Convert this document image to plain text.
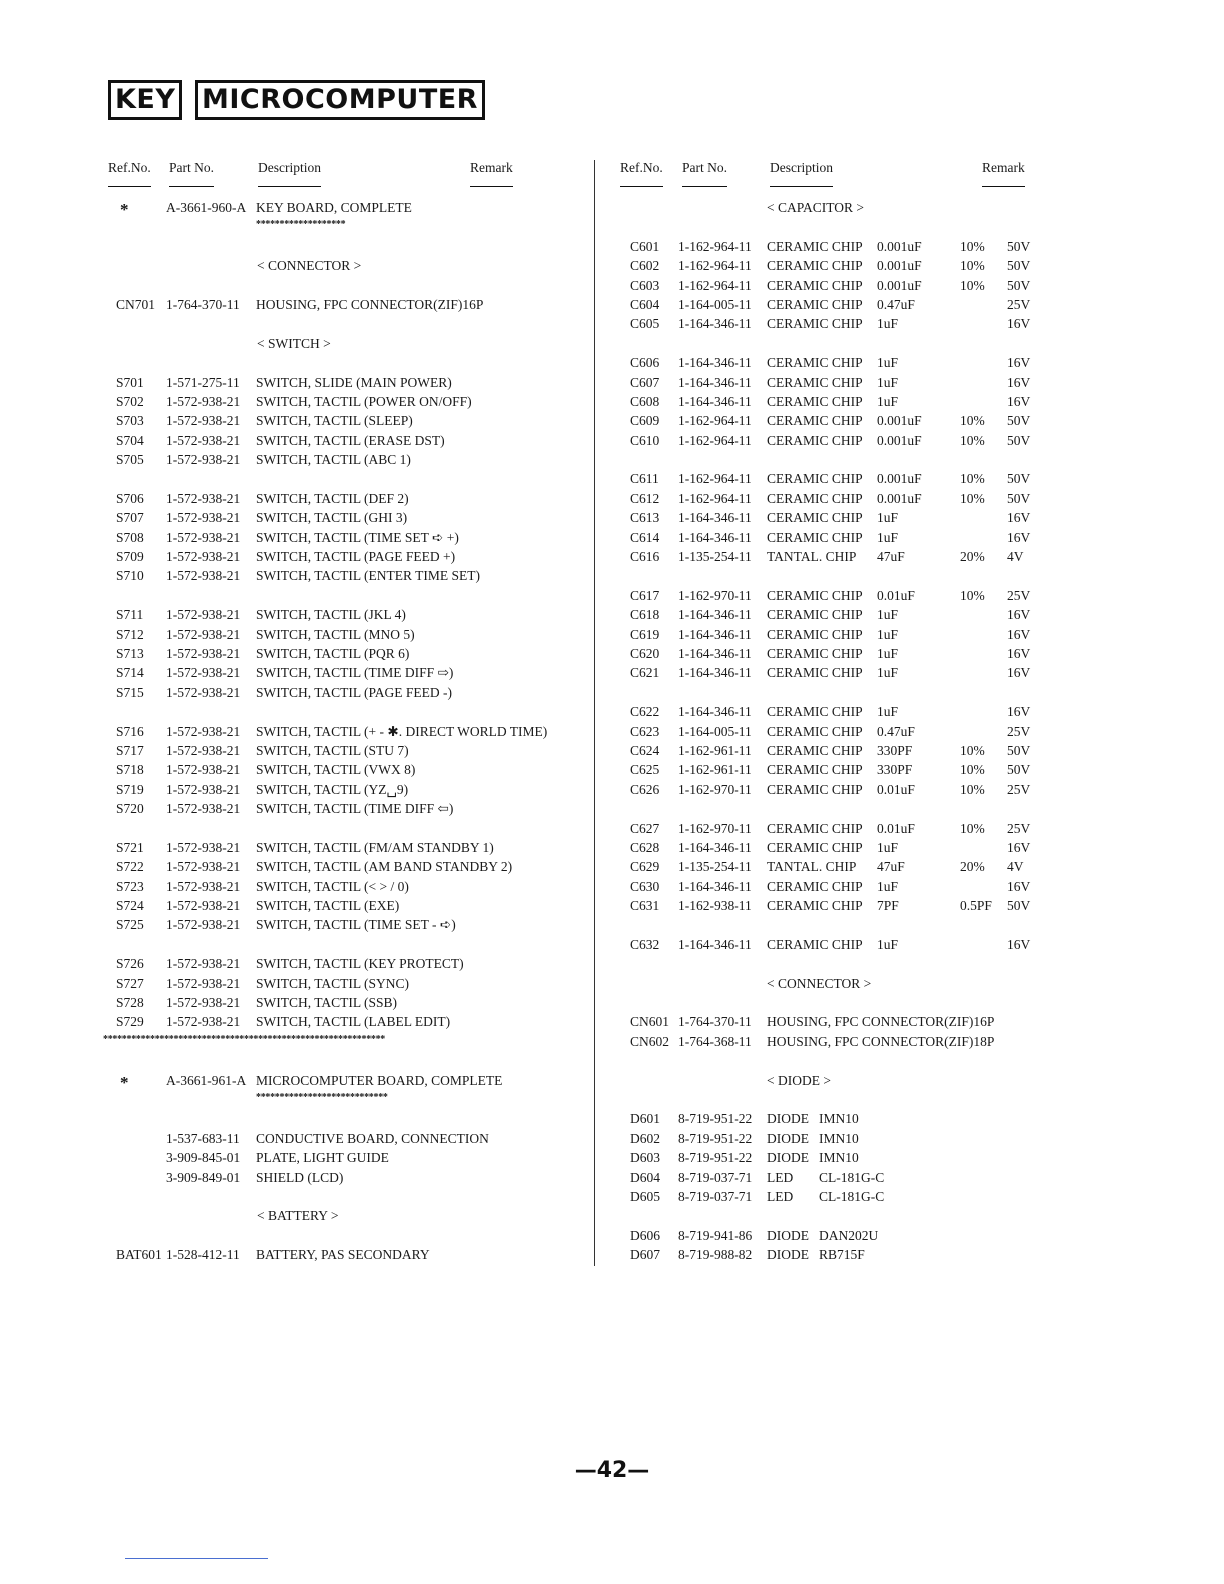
KEY MICROCOMPUTER
Ref.No. Part No.	Description	Remark
*	A-3661-960-A KEY BOARD, COMPLETE
*******************
< CONNECTOR >
CN701 1-764-370-11 HOUSING, FPC CONNECTOR(ZIF)16P
< SWITCH >
S701 1-571-275-11 SWITCH, SLIDE (MAIN POWER)
S702 1-572-938-21 SWITCH, TACTIL (POWER ON/OFF)
S703 1-572-938-21 SWITCH, TACTIL (SLEEP)
S704 1-572-938-21 SWITCH, TACTIL (ERASE DST)
S705 1-572-938-21 SWITCH, TACTIL (ABC 1)
S706 1-572-938-21 SWITCH, TACTIL (DEF 2)
S707 1-572-938-21 SWITCH, TACTIL (GHI 3)
S708 1-572-938-21 SWITCH, TACTIL (TIME SET ➪ +)
S709 1-572-938-21 SWITCH, TACTIL (PAGE FEED +)
S710 1-572-938-21 SWITCH, TACTIL (ENTER TIME SET)
S711 1-572-938-21 SWITCH, TACTIL (JKL 4)
S712 1-572-938-21 SWITCH, TACTIL (MNO 5)
S713 1-572-938-21 SWITCH, TACTIL (PQR 6)
S714 1-572-938-21 SWITCH, TACTIL (TIME DIFF ⇨)
S715 1-572-938-21 SWITCH, TACTIL (PAGE FEED -)
S716 1-572-938-21 SWITCH, TACTIL (+ - ✱. DIRECT WORLD TIME)
S717 1-572-938-21 SWITCH, TACTIL (STU 7)
S718 1-572-938-21 SWITCH, TACTIL (VWX 8)
S719 1-572-938-21 SWITCH, TACTIL (YZ␣9)
S720 1-572-938-21 SWITCH, TACTIL (TIME DIFF ⇦)
S721 1-572-938-21 SWITCH, TACTIL (FM/AM STANDBY 1)
S722 1-572-938-21 SWITCH, TACTIL (AM BAND STANDBY 2)
S723 1-572-938-21 SWITCH, TACTIL (< > / 0)
S724 1-572-938-21 SWITCH, TACTIL (EXE)
S725 1-572-938-21 SWITCH, TACTIL (TIME SET - ➪)
S726 1-572-938-21 SWITCH, TACTIL (KEY PROTECT)
S727 1-572-938-21 SWITCH, TACTIL (SYNC)
S728 1-572-938-21 SWITCH, TACTIL (SSB)
S729 1-572-938-21 SWITCH, TACTIL (LABEL EDIT)
************************************************************
*	A-3661-961-A MICROCOMPUTER BOARD, COMPLETE
****************************
1-537-683-11 CONDUCTIVE BOARD, CONNECTION
3-909-845-01 PLATE, LIGHT GUIDE
3-909-849-01 SHIELD (LCD)
< BATTERY >
BAT601 1-528-412-11 BATTERY, PAS SECONDARY
Ref.No. Part No.	Description	Remark
< CAPACITOR >
C601 1-162-964-11 CERAMIC CHIP 0.001uF	10% 50V
C602 1-162-964-11 CERAMIC CHIP 0.001uF	10% 50V
C603 1-162-964-11 CERAMIC CHIP 0.001uF	10% 50V
C604 1-164-005-11 CERAMIC CHIP 0.47uF	25V
C605 1-164-346-11 CERAMIC CHIP 1uF	16V
C606 1-164-346-11 CERAMIC CHIP 1uF	16V
C607 1-164-346-11 CERAMIC CHIP 1uF	16V
C608 1-164-346-11 CERAMIC CHIP 1uF	16V
C609 1-162-964-11 CERAMIC CHIP 0.001uF	10% 50V
C610 1-162-964-11 CERAMIC CHIP 0.001uF	10% 50V
C611 1-162-964-11 CERAMIC CHIP 0.001uF	10% 50V
C612 1-162-964-11 CERAMIC CHIP 0.001uF	10% 50V
C613 1-164-346-11 CERAMIC CHIP 1uF	16V
C614 1-164-346-11 CERAMIC CHIP 1uF	16V
C616 1-135-254-11 TANTAL. CHIP 47uF	20% 4V
C617 1-162-970-11 CERAMIC CHIP 0.01uF	10% 25V
C618 1-164-346-11 CERAMIC CHIP 1uF	16V
C619 1-164-346-11 CERAMIC CHIP 1uF	16V
C620 1-164-346-11 CERAMIC CHIP 1uF	16V
C621 1-164-346-11 CERAMIC CHIP 1uF	16V
C622 1-164-346-11 CERAMIC CHIP 1uF	16V
C623 1-164-005-11 CERAMIC CHIP 0.47uF	25V
C624 1-162-961-11 CERAMIC CHIP 330PF	10% 50V
C625 1-162-961-11 CERAMIC CHIP 330PF	10% 50V
C626 1-162-970-11 CERAMIC CHIP 0.01uF	10% 25V
C627 1-162-970-11 CERAMIC CHIP 0.01uF	10% 25V
C628 1-164-346-11 CERAMIC CHIP 1uF	16V
C629 1-135-254-11 TANTAL. CHIP 47uF	20% 4V
C630 1-164-346-11 CERAMIC CHIP 1uF	16V
C631 1-162-938-11 CERAMIC CHIP 7PF	0.5PF 50V
C632 1-164-346-11 CERAMIC CHIP 1uF	16V
< CONNECTOR >
CN601 1-764-370-11 HOUSING, FPC CONNECTOR(ZIF)16P
CN602 1-764-368-11 HOUSING, FPC CONNECTOR(ZIF)18P
< DIODE >
D601 8-719-951-22 DIODE IMN10
D602 8-719-951-22 DIODE IMN10
D603 8-719-951-22 DIODE IMN10
D604 8-719-037-71 LED CL-181G-C
D605 8-719-037-71 LED CL-181G-C
D606 8-719-941-86 DIODE DAN202U
D607 8-719-988-82 DIODE RB715F
—42—
